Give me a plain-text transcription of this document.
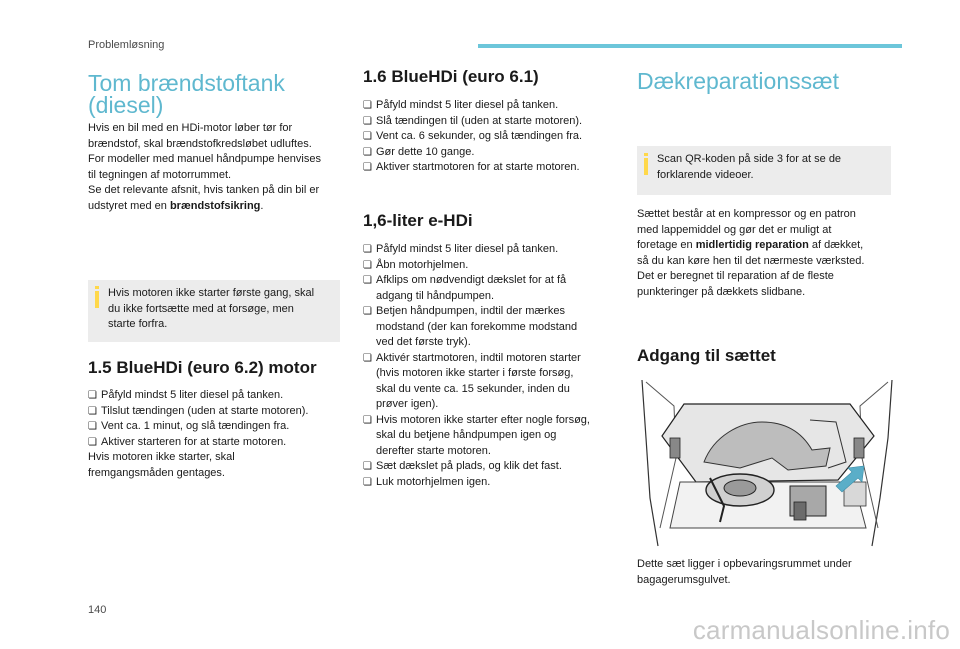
Problemløsning
Tom brændstoftank
(diesel)
Hvis en bil med en HDi-motor løber tør for
brændstof, skal brændstofkredsløbet udluftes.
For modeller med manuel håndpumpe henvises
til tegningen af motorrummet.
Se det relevante afsnit, hvis tanken på din bil er
udstyret med en brændstofsikring.
Hvis motoren ikke starter første gang, skal
du ikke fortsætte med at forsøge, men
starte forfra.
1.5 BlueHDi (euro 6.2) motor
❏ Påfyld mindst 5 liter diesel på tanken.
❏ Tilslut tændingen (uden at starte motoren).
❏ Vent ca. 1 minut, og slå tændingen fra.
❏ Aktiver starteren for at starte motoren.
Hvis motoren ikke starter, skal
fremgangsmåden gentages.
1.6 BlueHDi (euro 6.1)
❏ Påfyld mindst 5 liter diesel på tanken.
❏ Slå tændingen til (uden at starte motoren).
❏ Vent ca. 6 sekunder, og slå tændingen fra.
❏ Gør dette 10 gange.
❏ Aktiver startmotoren for at starte motoren.
1,6-liter e-HDi
❏ Påfyld mindst 5 liter diesel på tanken.
❏ Åbn motorhjelmen.
❏ Afklips om nødvendigt dækslet for at få
adgang til håndpumpen.
❏ Betjen håndpumpen, indtil der mærkes
modstand (der kan forekomme modstand
ved det første tryk).
❏ Aktivér startmotoren, indtil motoren starter
(hvis motoren ikke starter i første forsøg,
skal du vente ca. 15 sekunder, inden du
prøver igen).
❏ Hvis motoren ikke starter efter nogle forsøg,
skal du betjene håndpumpen igen og
derefter starte motoren.
❏ Sæt dækslet på plads, og klik det fast.
❏ Luk motorhjelmen igen.
Dækreparationssæt
Scan QR-koden på side 3 for at se de
forklarende videoer.
Sættet består at en kompressor og en patron
med lappemiddel og gør det er muligt at
foretage en midlertidig reparation af dækket,
så du kan køre hen til det nærmeste værksted.
Det er beregnet til reparation af de fleste
punkteringer på dækkets slidbane.
Adgang til sættet
Dette sæt ligger i opbevaringsrummet under
bagagerumsgulvet.
140
carmanualsonline.info
